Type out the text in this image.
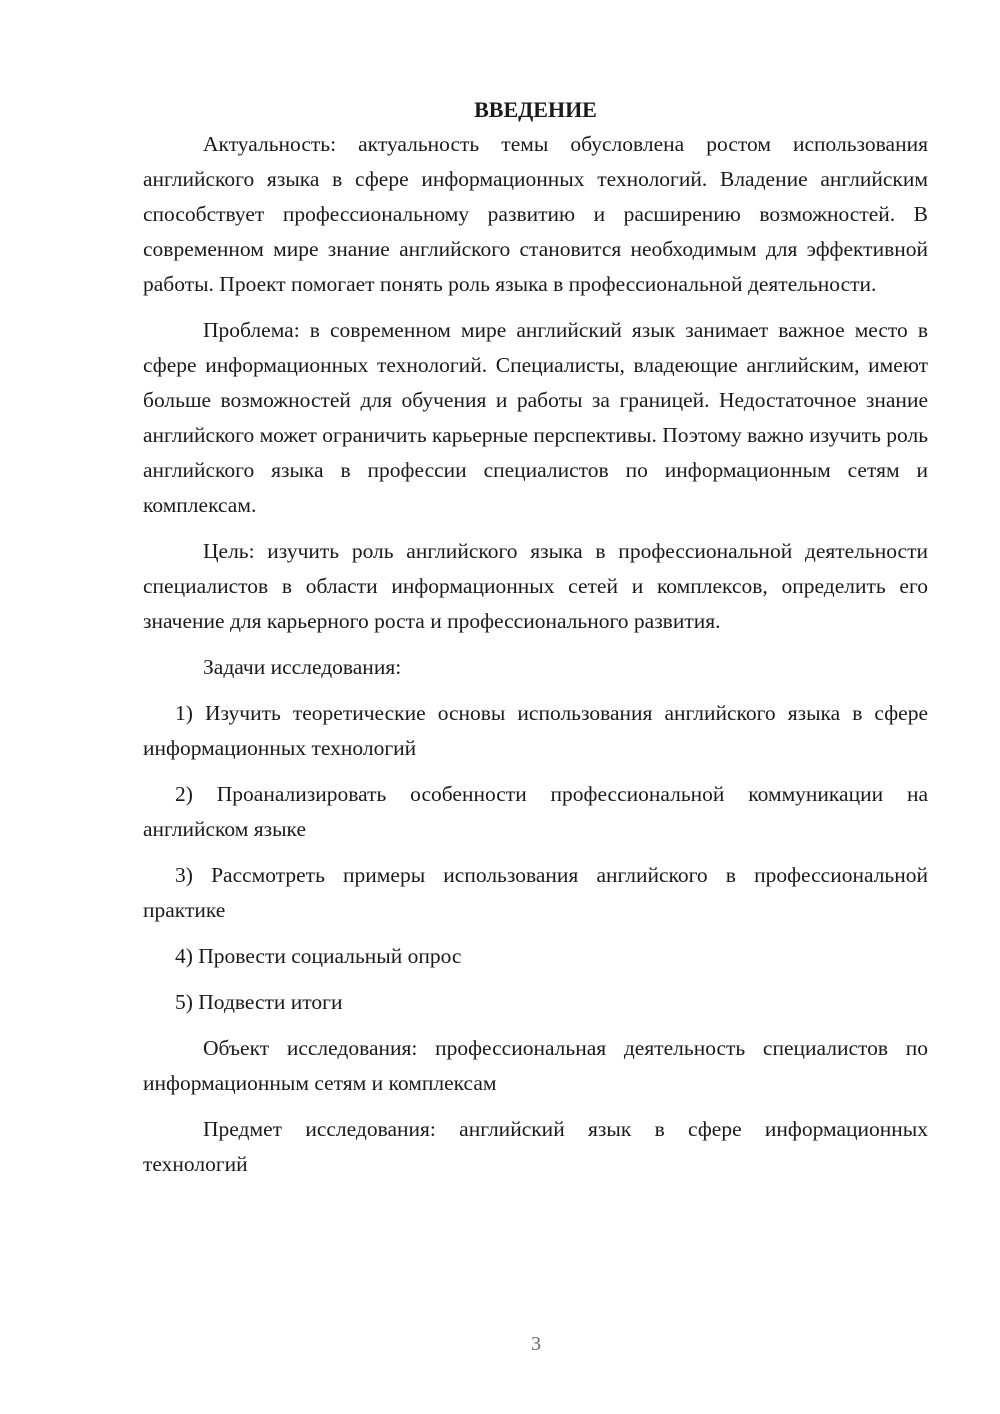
ВВЕДЕНИЕ

Актуальность: актуальность темы обусловлена ростом использования английского языка в сфере информационных технологий. Владение английским способствует профессиональному развитию и расширению возможностей. В современном мире знание английского становится необходимым для эффективной работы. Проект помогает понять роль языка в профессиональной деятельности.

Проблема: в современном мире английский язык занимает важное место в сфере информационных технологий. Специалисты, владеющие английским, имеют больше возможностей для обучения и работы за границей. Недостаточное знание английского может ограничить карьерные перспективы. Поэтому важно изучить роль английского языка в профессии специалистов по информационным сетям и комплексам.

Цель: изучить роль английского языка в профессиональной деятельности специалистов в области информационных сетей и комплексов, определить его значение для карьерного роста и профессионального развития.

Задачи исследования:

1) Изучить теоретические основы использования английского языка в сфере информационных технологий

2) Проанализировать особенности профессиональной коммуникации на английском языке

3) Рассмотреть примеры использования английского в профессиональной практике

4) Провести социальный опрос

5) Подвести итоги

Объект исследования: профессиональная деятельность специалистов по информационным сетям и комплексам

Предмет исследования: английский язык в сфере информационных технологий

3
